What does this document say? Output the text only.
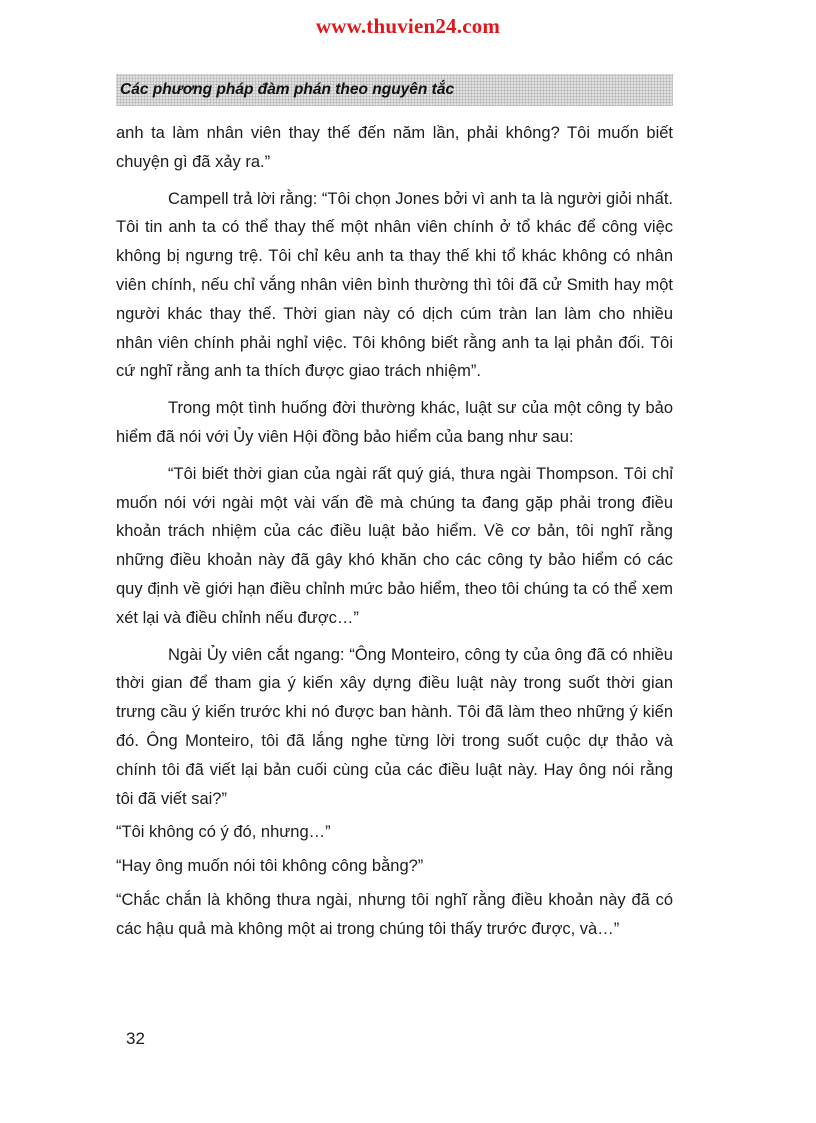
www.thuvien24.com
Các phương pháp đàm phán theo nguyên tắc

anh ta làm nhân viên thay thế đến năm lần, phải không? Tôi muốn biết chuyện gì đã xảy ra.”

Campell trả lời rằng: “Tôi chọn Jones bởi vì anh ta là người giỏi nhất. Tôi tin anh ta có thể thay thế một nhân viên chính ở tổ khác để công việc không bị ngưng trệ. Tôi chỉ kêu anh ta thay thế khi tổ khác không có nhân viên chính, nếu chỉ vắng nhân viên bình thường thì tôi đã cử Smith hay một người khác thay thế. Thời gian này có dịch cúm tràn lan làm cho nhiều nhân viên chính phải nghỉ việc. Tôi không biết rằng anh ta lại phản đối. Tôi cứ nghĩ rằng anh ta thích được giao trách nhiệm”.

Trong một tình huống đời thường khác, luật sư của một công ty bảo hiểm đã nói với Ủy viên Hội đồng bảo hiểm của bang như sau:

“Tôi biết thời gian của ngài rất quý giá, thưa ngài Thompson. Tôi chỉ muốn nói với ngài một vài vấn đề mà chúng ta đang gặp phải trong điều khoản trách nhiệm của các điều luật bảo hiểm. Về cơ bản, tôi nghĩ rằng những điều khoản này đã gây khó khăn cho các công ty bảo hiểm có các quy định về giới hạn điều chỉnh mức bảo hiểm, theo tôi chúng ta có thể xem xét lại và điều chỉnh nếu được…”

Ngài Ủy viên cắt ngang: “Ông Monteiro, công ty của ông đã có nhiều thời gian để tham gia ý kiến xây dựng điều luật này trong suốt thời gian trưng cầu ý kiến trước khi nó được ban hành. Tôi đã làm theo những ý kiến đó. Ông Monteiro, tôi đã lắng nghe từng lời trong suốt cuộc dự thảo và chính tôi đã viết lại bản cuối cùng của các điều luật này. Hay ông nói rằng tôi đã viết sai?”

“Tôi không có ý đó, nhưng…”

“Hay ông muốn nói tôi không công bằng?”

“Chắc chắn là không thưa ngài, nhưng tôi nghĩ rằng điều khoản này đã có các hậu quả mà không một ai trong chúng tôi thấy trước được, và…”

32
